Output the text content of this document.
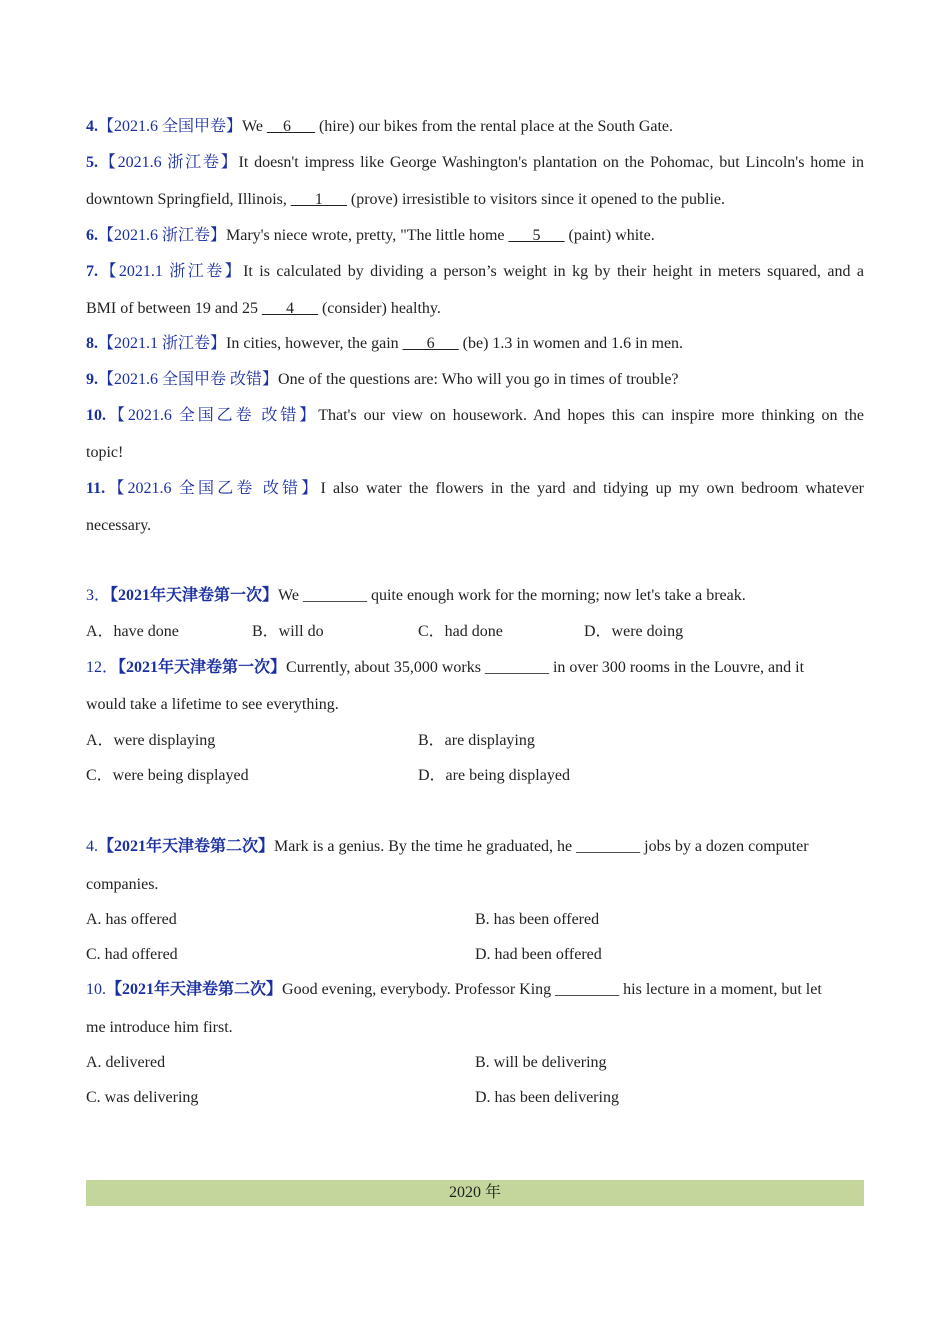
4.【2021.6 全国甲卷】We __6___ (hire) our bikes from the rental place at the South Gate.
5.【2021.6 浙江卷】It doesn't impress like George Washington's plantation on the Pohomac, but Lincoln's home in
downtown Springfield, Illinois, ___1___ (prove) irresistible to visitors since it opened to the publie.
6.【2021.6 浙江卷】Mary's niece wrote, pretty, "The little home ___5___ (paint) white.
7.【2021.1 浙江卷】It is calculated by dividing a person’s weight in kg by their height in meters squared, and a
BMI of between 19 and 25 ___4___ (consider) healthy.
8.【2021.1 浙江卷】In cities, however, the gain ___6___ (be) 1.3 in women and 1.6 in men.
9.【2021.6 全国甲卷 改错】One of the questions are: Who will you go in times of trouble?
10.【2021.6 全国乙卷 改错】That's our view on housework. And hopes this can inspire more thinking on the
topic!
11.【2021.6 全国乙卷 改错】I also water the flowers in the yard and tidying up my own bedroom whatever
necessary.
3．【2021年天津卷第一次】We ________ quite enough work for the morning; now let's take a break.
A．have done	B．will do	C．had done	D．were doing
12．【2021年天津卷第一次】Currently, about 35,000 works ________ in over 300 rooms in the Louvre, and it
would take a lifetime to see everything.
A．were displaying	B．are displaying
C．were being displayed	D．are being displayed
4.【2021年天津卷第二次】Mark is a genius. By the time he graduated, he ________ jobs by a dozen computer
companies.
A. has offered	B. has been offered
C. had offered	D. had been offered
10.【2021年天津卷第二次】Good evening, everybody. Professor King ________ his lecture in a moment, but let
me introduce him first.
A. delivered	B. will be delivering
C. was delivering	D. has been delivering
2020 年
